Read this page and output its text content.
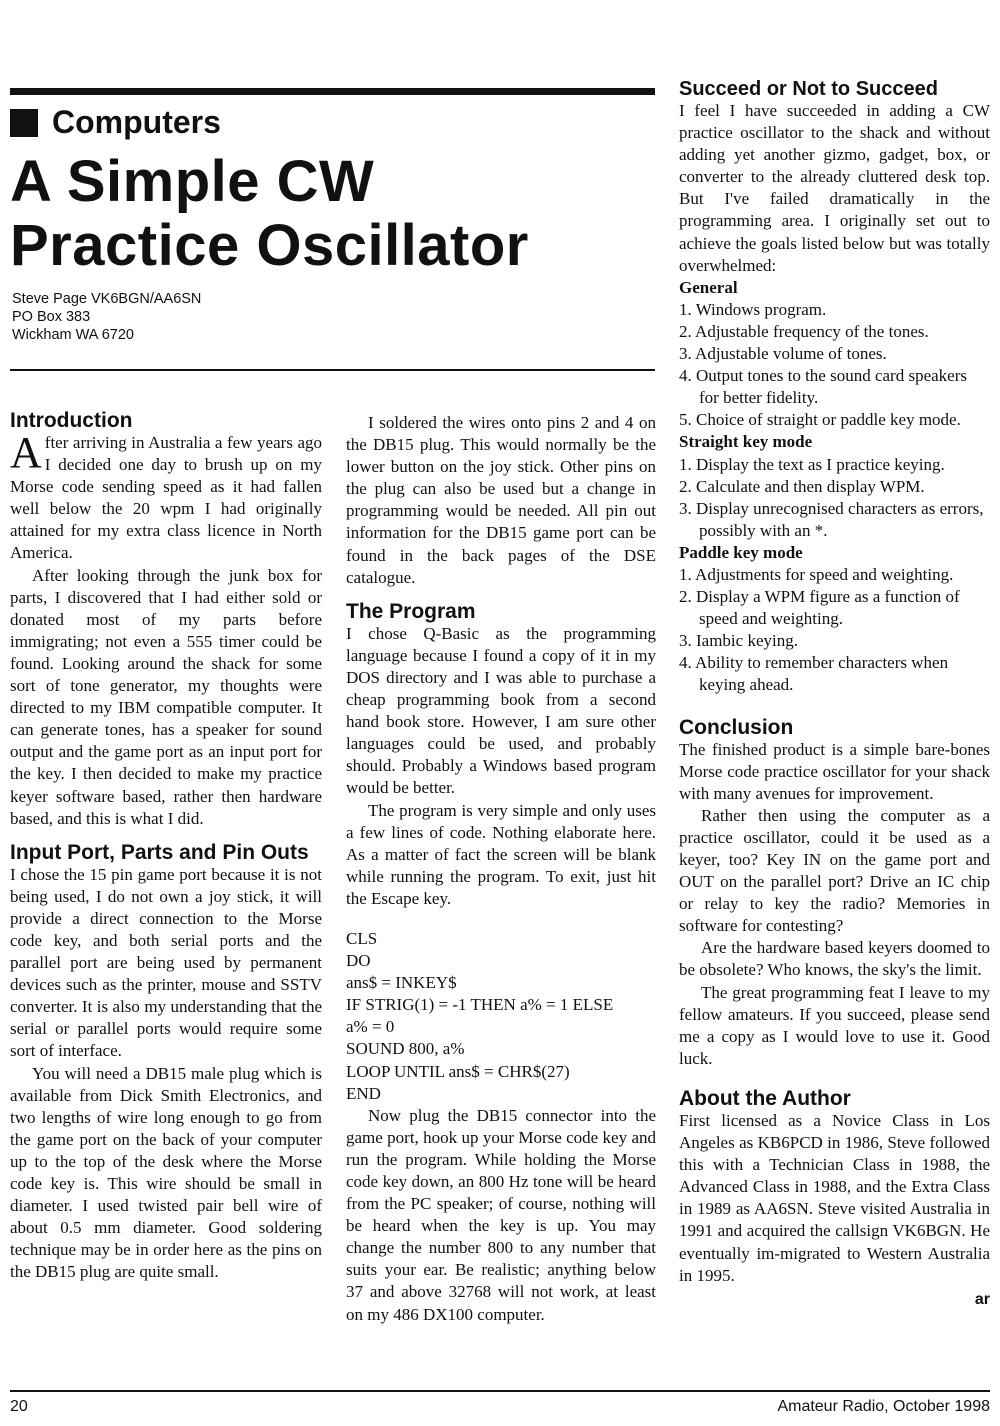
Computers
A Simple CW
Practice Oscillator
Steve Page VK6BGN/AA6SN
PO Box 383
Wickham WA 6720
Introduction

After arriving in Australia a few years ago I decided one day to brush up on my Morse code sending speed as it had fallen well below the 20 wpm I had originally attained for my extra class licence in North America.

After looking through the junk box for parts, I discovered that I had either sold or donated most of my parts before immigrating; not even a 555 timer could be found. Looking around the shack for some sort of tone generator, my thoughts were directed to my IBM compatible computer. It can generate tones, has a speaker for sound output and the game port as an input port for the key. I then decided to make my practice keyer software based, rather then hardware based, and this is what I did.

Input Port, Parts and Pin Outs

I chose the 15 pin game port because it is not being used, I do not own a joy stick, it will provide a direct connection to the Morse code key, and both serial ports and the parallel port are being used by permanent devices such as the printer, mouse and SSTV converter. It is also my understanding that the serial or parallel ports would require some sort of interface.

You will need a DB15 male plug which is available from Dick Smith Electronics, and two lengths of wire long enough to go from the game port on the back of your computer up to the top of the desk where the Morse code key is. This wire should be small in diameter. I used twisted pair bell wire of about 0.5 mm diameter. Good soldering technique may be in order here as the pins on the DB15 plug are quite small.

I soldered the wires onto pins 2 and 4 on the DB15 plug. This would normally be the lower button on the joy stick. Other pins on the plug can also be used but a change in programming would be needed. All pin out information for the DB15 game port can be found in the back pages of the DSE catalogue.

The Program

I chose Q-Basic as the programming language because I found a copy of it in my DOS directory and I was able to purchase a cheap programming book from a second hand book store. However, I am sure other languages could be used, and probably should. Probably a Windows based program would be better.

The program is very simple and only uses a few lines of code. Nothing elaborate here. As a matter of fact the screen will be blank while running the program. To exit, just hit the Escape key.

CLS
DO
ans$ = INKEY$
IF STRIG(1) = -1 THEN a% = 1 ELSE
a% = 0
SOUND 800, a%
LOOP UNTIL ans$ = CHR$(27)
END

Now plug the DB15 connector into the game port, hook up your Morse code key and run the program. While holding the Morse code key down, an 800 Hz tone will be heard from the PC speaker; of course, nothing will be heard when the key is up. You may change the number 800 to any number that suits your ear. Be realistic; anything below 37 and above 32768 will not work, at least on my 486 DX100 computer.

Succeed or Not to Succeed

I feel I have succeeded in adding a CW practice oscillator to the shack and without adding yet another gizmo, gadget, box, or converter to the already cluttered desk top. But I've failed dramatically in the programming area. I originally set out to achieve the goals listed below but was totally overwhelmed:

General
1. Windows program.
2. Adjustable frequency of the tones.
3. Adjustable volume of tones.
4. Output tones to the sound card speakers for better fidelity.
5. Choice of straight or paddle key mode.
Straight key mode
1. Display the text as I practice keying.
2. Calculate and then display WPM.
3. Display unrecognised characters as errors, possibly with an *.
Paddle key mode
1. Adjustments for speed and weighting.
2. Display a WPM figure as a function of speed and weighting.
3. Iambic keying.
4. Ability to remember characters when keying ahead.
Conclusion

The finished product is a simple bare-bones Morse code practice oscillator for your shack with many avenues for improvement.

Rather then using the computer as a practice oscillator, could it be used as a keyer, too? Key IN on the game port and OUT on the parallel port? Drive an IC chip or relay to key the radio? Memories in software for contesting?

Are the hardware based keyers doomed to be obsolete? Who knows, the sky's the limit.

The great programming feat I leave to my fellow amateurs. If you succeed, please send me a copy as I would love to use it. Good luck.

About the Author

First licensed as a Novice Class in Los Angeles as KB6PCD in 1986, Steve followed this with a Technician Class in 1988, the Advanced Class in 1988, and the Extra Class in 1989 as AA6SN. Steve visited Australia in 1991 and acquired the callsign VK6BGN. He eventually im-migrated to Western Australia in 1995.

ar
20	Amateur Radio, October 1998
